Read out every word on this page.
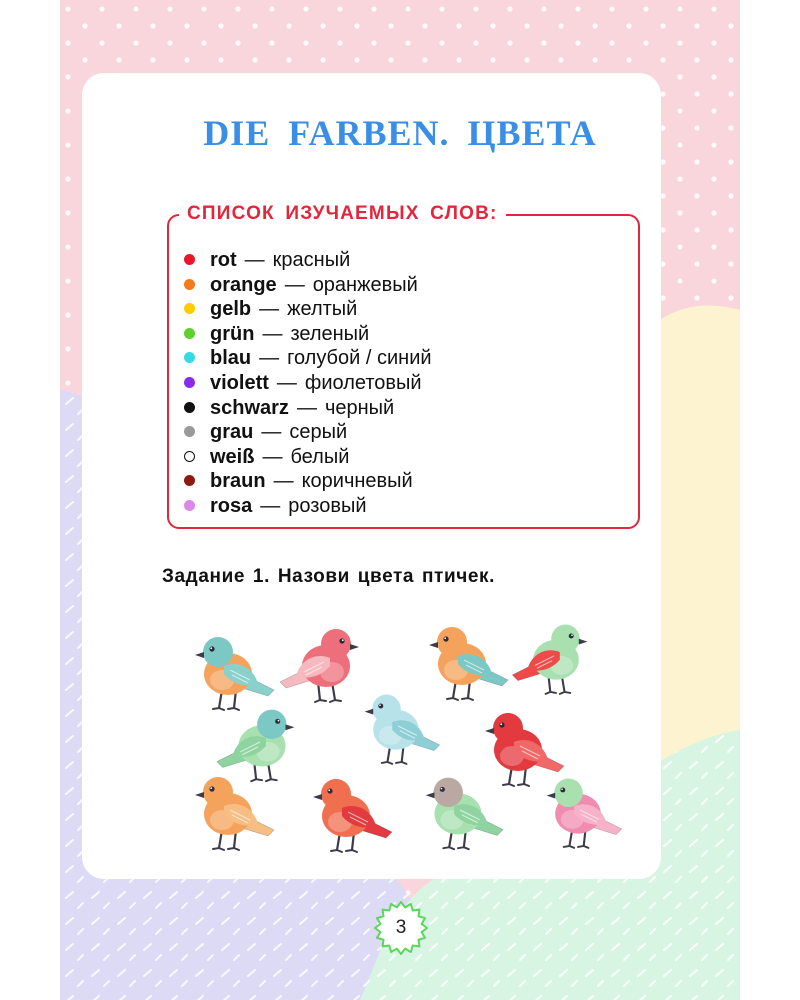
DIE FARBEN. ЦВЕТА
СПИСОК ИЗУЧАЕМЫХ СЛОВ:
rot — красный
orange — оранжевый
gelb — желтый
grün — зеленый
blau — голубой / синий
violett — фиолетовый
schwarz — черный
grau — серый
weiß — белый
braun — коричневый
rosa — розовый

Задание 1. Назови цвета птичек.

3
